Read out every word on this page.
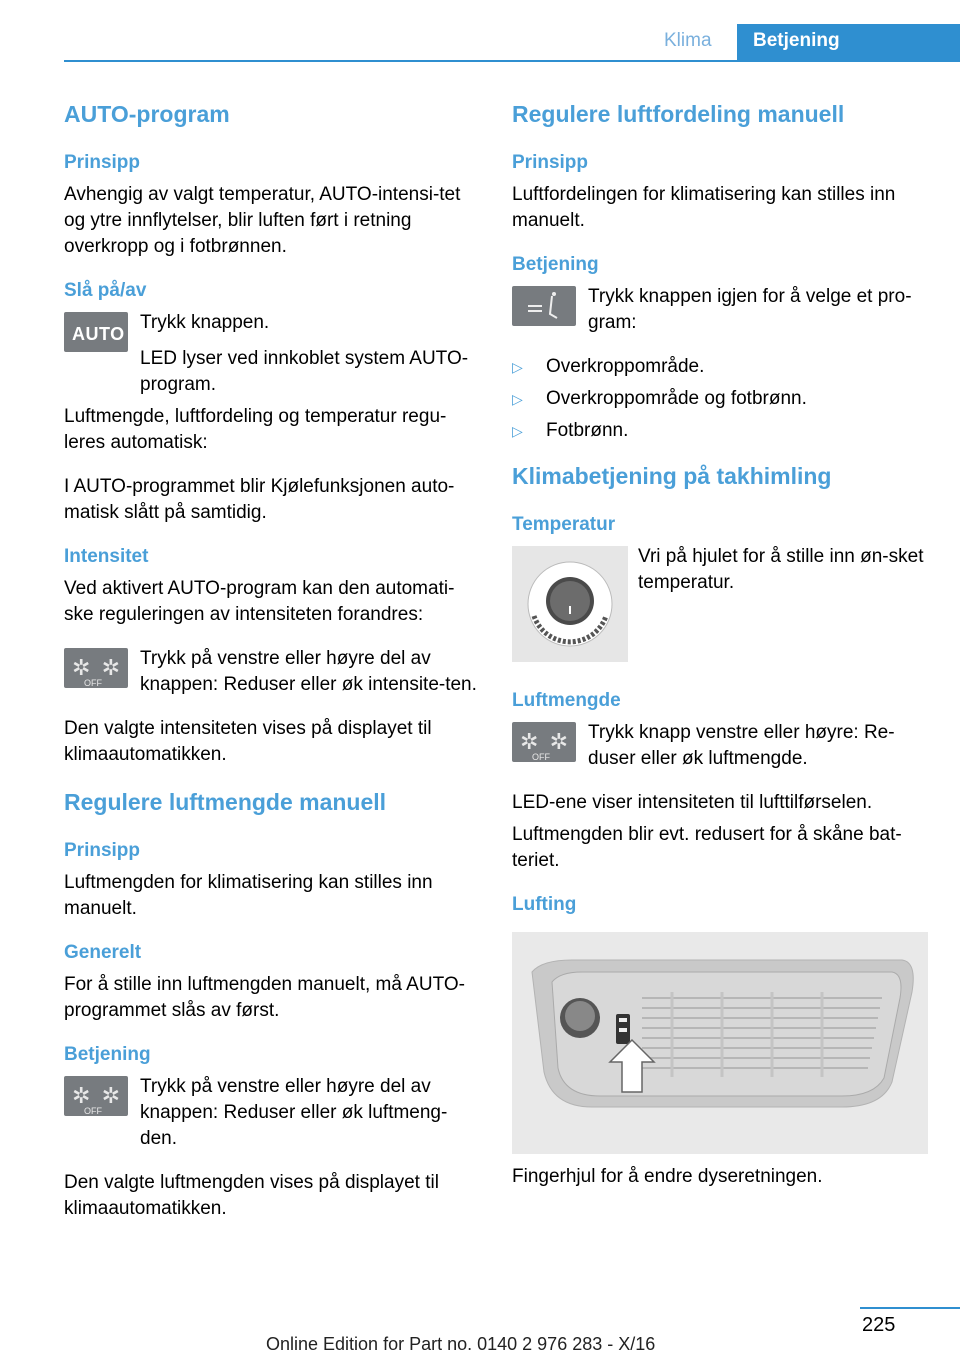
Klima	Betjening
AUTO-program
Prinsipp
Avhengig av valgt temperatur, AUTO-intensi‐tet og ytre innflytelser, blir luften ført i retning overkropp og i fotbrønnen.
Slå på/av
AUTO
Trykk knappen.
LED lyser ved innkoblet system AUTO-program.
Luftmengde, luftfordeling og temperatur regu‐leres automatisk:
I AUTO-programmet blir Kjølefunksjonen auto‐matisk slått på samtidig.
Intensitet
Ved aktivert AUTO-program kan den automati‐ske reguleringen av intensiteten forandres:
✲
OFF
✲ Trykk på venstre eller høyre del av knappen: Reduser eller øk intensite‐ten.
Den valgte intensiteten vises på displayet til klimaautomatikken.
Regulere luftmengde manuell
Prinsipp
Luftmengden for klimatisering kan stilles inn manuelt.
Generelt
For å stille inn luftmengden manuelt, må AUTO-programmet slås av først.
Betjening
✲
OFF
✲ Trykk på venstre eller høyre del av knappen: Reduser eller øk luftmeng‐den.
Den valgte luftmengden vises på displayet til klimaautomatikken.
Regulere luftfordeling manuell
Prinsipp
Luftfordelingen for klimatisering kan stilles inn manuelt.
Betjening
Trykk knappen igjen for å velge et pro‐gram:
▷ Overkroppområde.
▷ Overkroppområde og fotbrønn.
▷ Fotbrønn.
Klimabetjening på takhimling
Temperatur
Vri på hjulet for å stille inn øn‐sket temperatur.
Luftmengde
✲
OFF
✲ Trykk knapp venstre eller høyre: Re‐duser eller øk luftmengde.
LED-ene viser intensiteten til lufttilførselen.
Luftmengden blir evt. redusert for å skåne bat‐teriet.
Lufting
Fingerhjul for å endre dyseretningen.
225
Online Edition for Part no. 0140 2 976 283 - X/16
